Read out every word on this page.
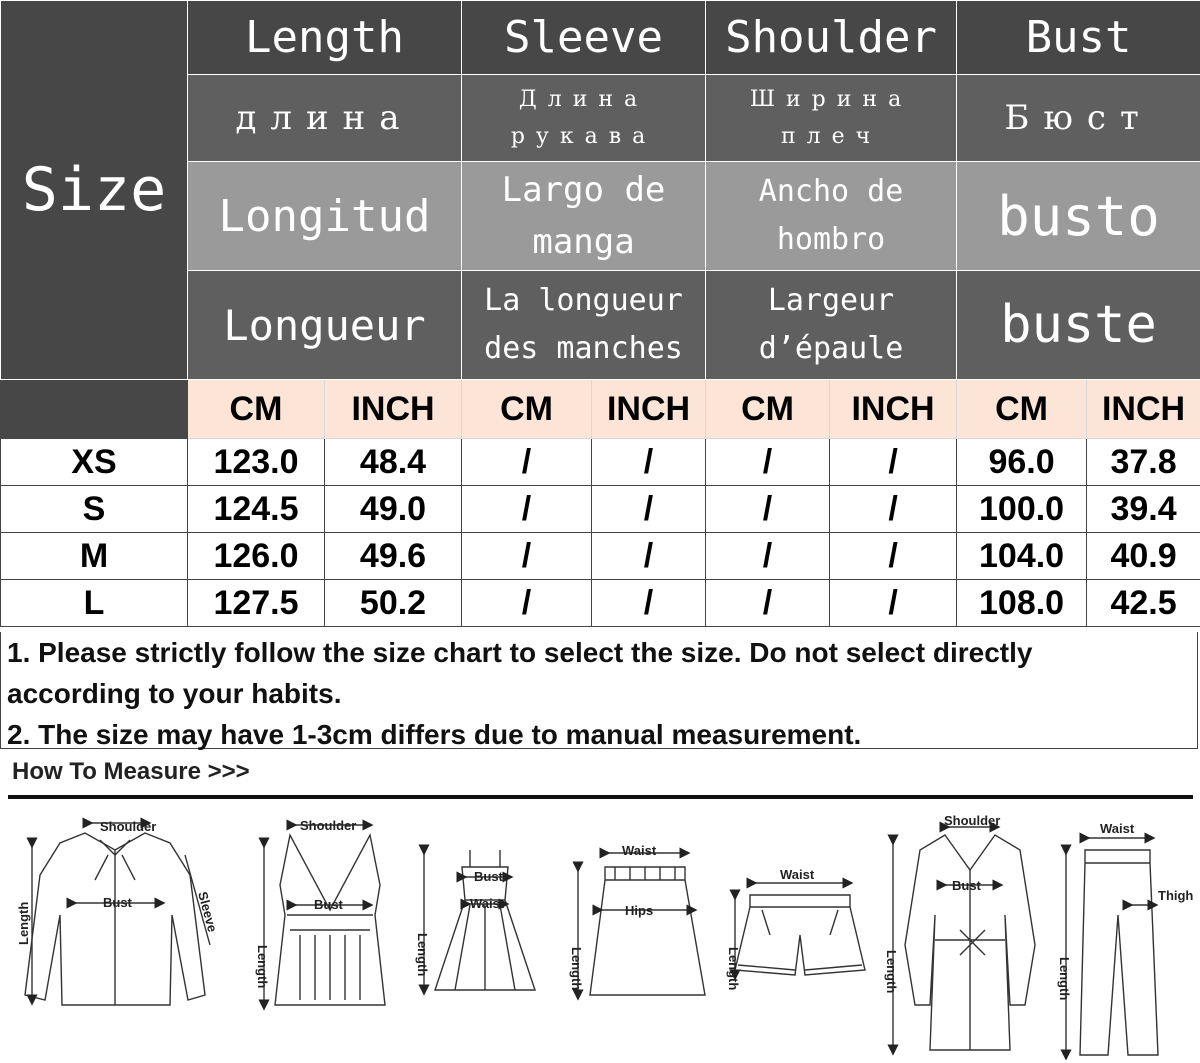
Size	Length		Sleeve		Shoulder		Bust	
	длина		Длина рукава		Ширина плеч		Бюст	
	Longitud		Largo de manga		Ancho de hombro		busto	
	Longueur		La longueur des manches		Largeur d’épaule		buste	
	CM	INCH	CM	INCH	CM	INCH	CM	INCH
XS	123.0	48.4	/	/	/	/	96.0	37.8
S	124.5	49.0	/	/	/	/	100.0	39.4
M	126.0	49.6	/	/	/	/	104.0	40.9
L	127.5	50.2	/	/	/	/	108.0	42.5
1. Please strictly follow the size chart to select the size. Do not select directly
according to your habits.
2. The size may have 1-3cm differs due to manual measurement.
How To Measure >>>
Shoulder
Bust	Sleeve
Length
Shoulder
Bust
Length
Bust
Waist
Length
Waist
Hips
Length
Waist
Length
Shoulder
Bust
Length
Waist
Thigh
Length
